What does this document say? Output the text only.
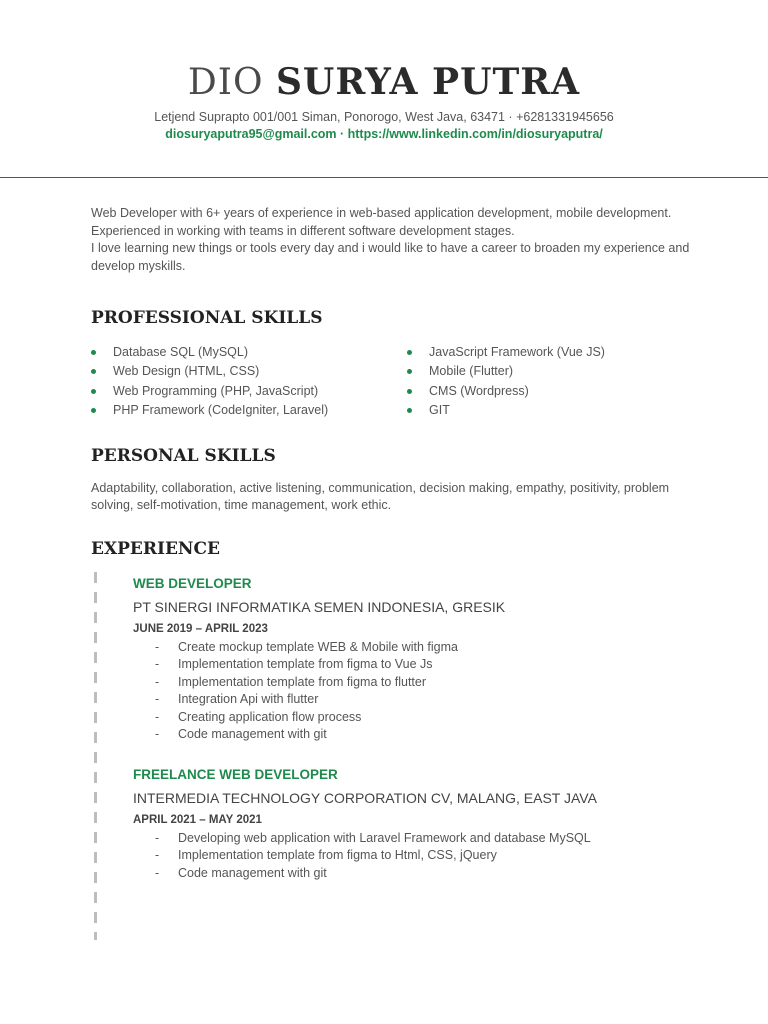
DIO SURYA PUTRA
Letjend Suprapto 001/001 Siman, Ponorogo, West Java, 63471 · +6281331945656
diosuryaputra95@gmail.com · https://www.linkedin.com/in/diosuryaputra/

Web Developer with 6+ years of experience in web-based application development, mobile development.

Experienced in working with teams in different software development stages.

I love learning new things or tools every day and i would like to have a career to broaden my experience and develop myskills.

PROFESSIONAL SKILLS
Database SQL (MySQL)
Web Design (HTML, CSS)
Web Programming (PHP, JavaScript)
PHP Framework (CodeIgniter, Laravel)
JavaScript Framework (Vue JS)
Mobile (Flutter)
CMS (Wordpress)
GIT
PERSONAL SKILLS
Adaptability, collaboration, active listening, communication, decision making, empathy, positivity, problem solving, self-motivation, time management, work ethic.
EXPERIENCE
WEB DEVELOPER
PT SINERGI INFORMATIKA SEMEN INDONESIA, GRESIK
JUNE 2019 – APRIL 2023
- Create mockup template WEB & Mobile with figma
- Implementation template from figma to Vue Js
- Implementation template from figma to flutter
- Integration Api with flutter
- Creating application flow process
- Code management with git
FREELANCE WEB DEVELOPER
INTERMEDIA TECHNOLOGY CORPORATION CV, MALANG, EAST JAVA
APRIL 2021 – MAY 2021
- Developing web application with Laravel Framework and database MySQL
- Implementation template from figma to Html, CSS, jQuery
- Code management with git
